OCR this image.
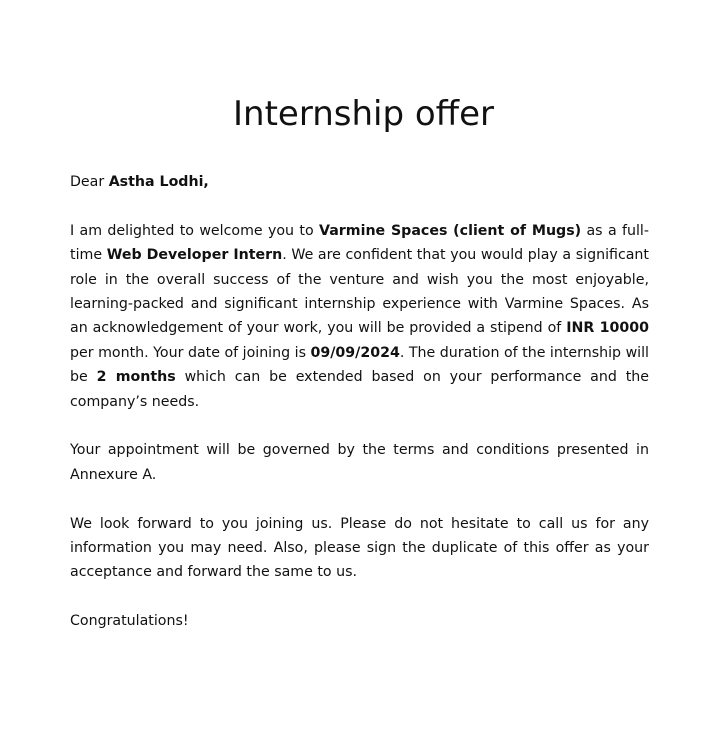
Internship offer

Dear Astha Lodhi,

I am delighted to welcome you to Varmine Spaces (client of Mugs) as a full-time Web Developer Intern. We are confident that you would play a significant role in the overall success of the venture and wish you the most enjoyable, learning-packed and significant internship experience with Varmine Spaces. As an acknowledgement of your work, you will be provided a stipend of INR 10000 per month. Your date of joining is 09/09/2024. The duration of the internship will be 2 months which can be extended based on your performance and the company’s needs.

Your appointment will be governed by the terms and conditions presented in Annexure A.

We look forward to you joining us. Please do not hesitate to call us for any information you may need. Also, please sign the duplicate of this offer as your acceptance and forward the same to us.

Congratulations!
